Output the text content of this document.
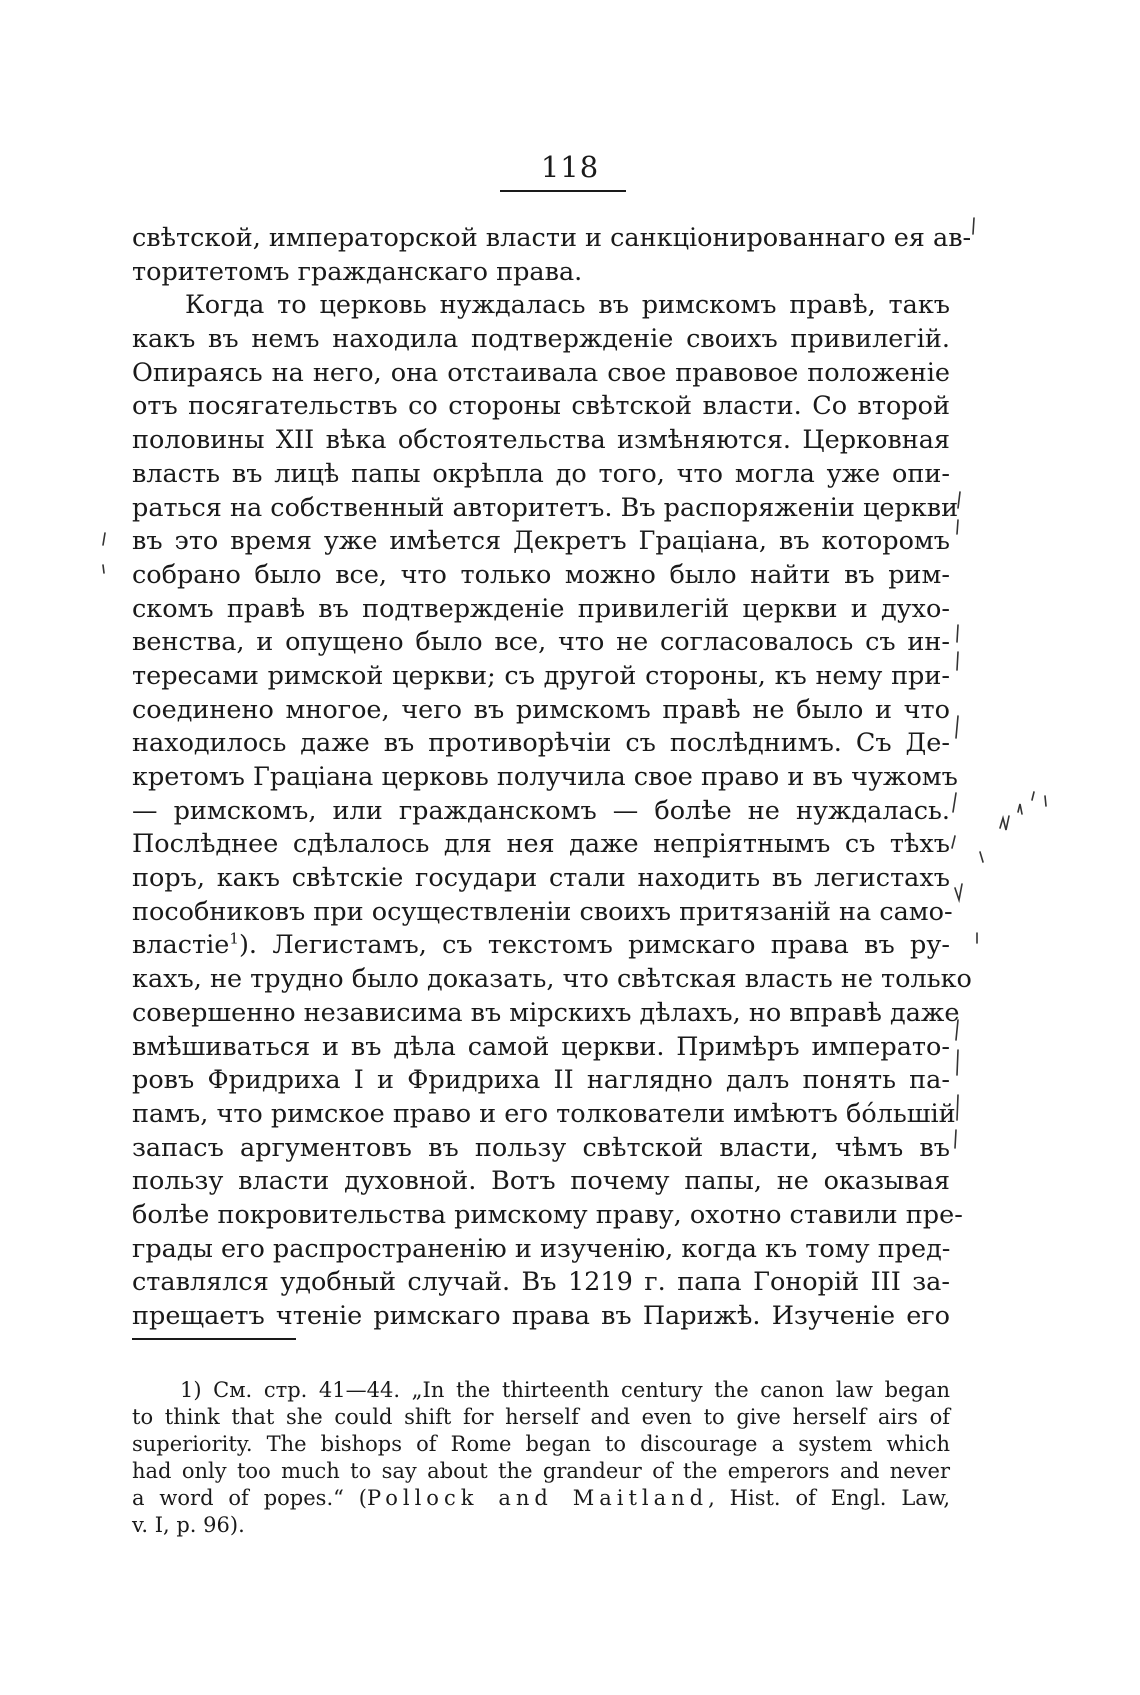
118
свѣтской, императорской власти и санкціонированнаго ея ав-
торитетомъ гражданскаго права.
Когда то церковь нуждалась въ римскомъ правѣ, такъ
какъ въ немъ находила подтвержденіе своихъ привилегій.
Опираясь на него, она отстаивала свое правовое положеніе
отъ посягательствъ со стороны свѣтской власти. Со второй
половины XII вѣка обстоятельства измѣняются. Церковная
власть въ лицѣ папы окрѣпла до того, что могла уже опи-
раться на собственный авторитетъ. Въ распоряженіи церкви
въ это время уже имѣется Декретъ Граціана, въ которомъ
собрано было все, что только можно было найти въ рим-
скомъ правѣ въ подтвержденіе привилегій церкви и духо-
венства, и опущено было все, что не согласовалось съ ин-
тересами римской церкви; съ другой стороны, къ нему при-
соединено многое, чего въ римскомъ правѣ не было и что
находилось даже въ противорѣчіи съ послѣднимъ. Съ Де-
кретомъ Граціана церковь получила свое право и въ чужомъ
— римскомъ, или гражданскомъ — болѣе не нуждалась.
Послѣднее сдѣлалось для нея даже непріятнымъ съ тѣхъ
поръ, какъ свѣтскіе государи стали находить въ легистахъ
пособниковъ при осуществленіи своихъ притязаній на само-
властіе$^1$). Легистамъ, съ текстомъ римскаго права въ ру-
кахъ, не трудно было доказать, что свѣтская власть не только
совершенно независима въ мірскихъ дѣлахъ, но вправѣ даже
вмѣшиваться и въ дѣла самой церкви. Примѣръ императо-
ровъ Фридриха I и Фридриха II наглядно далъ понять па-
памъ, что римское право и его толкователи имѣютъ бóльшій
запасъ аргументовъ въ пользу свѣтской власти, чѣмъ въ
пользу власти духовной. Вотъ почему папы, не оказывая
болѣе покровительства римскому праву, охотно ставили пре-
грады его распространенію и изученію, когда къ тому пред-
ставлялся удобный случай. Въ 1219 г. папа Гонорій III за-
прещаетъ чтеніе римскаго права въ Парижѣ. Изученіе его
1) См. стр. 41—44. „In the thirteenth century the canon law began
to think that she could shift for herself and even to give herself airs of
superiority. The bishops of Rome began to discourage a system which
had only too much to say about the grandeur of the emperors and never
a word of popes.“ (Pollock and Maitland, Hist. of Engl. Law,
v. I, p. 96).
